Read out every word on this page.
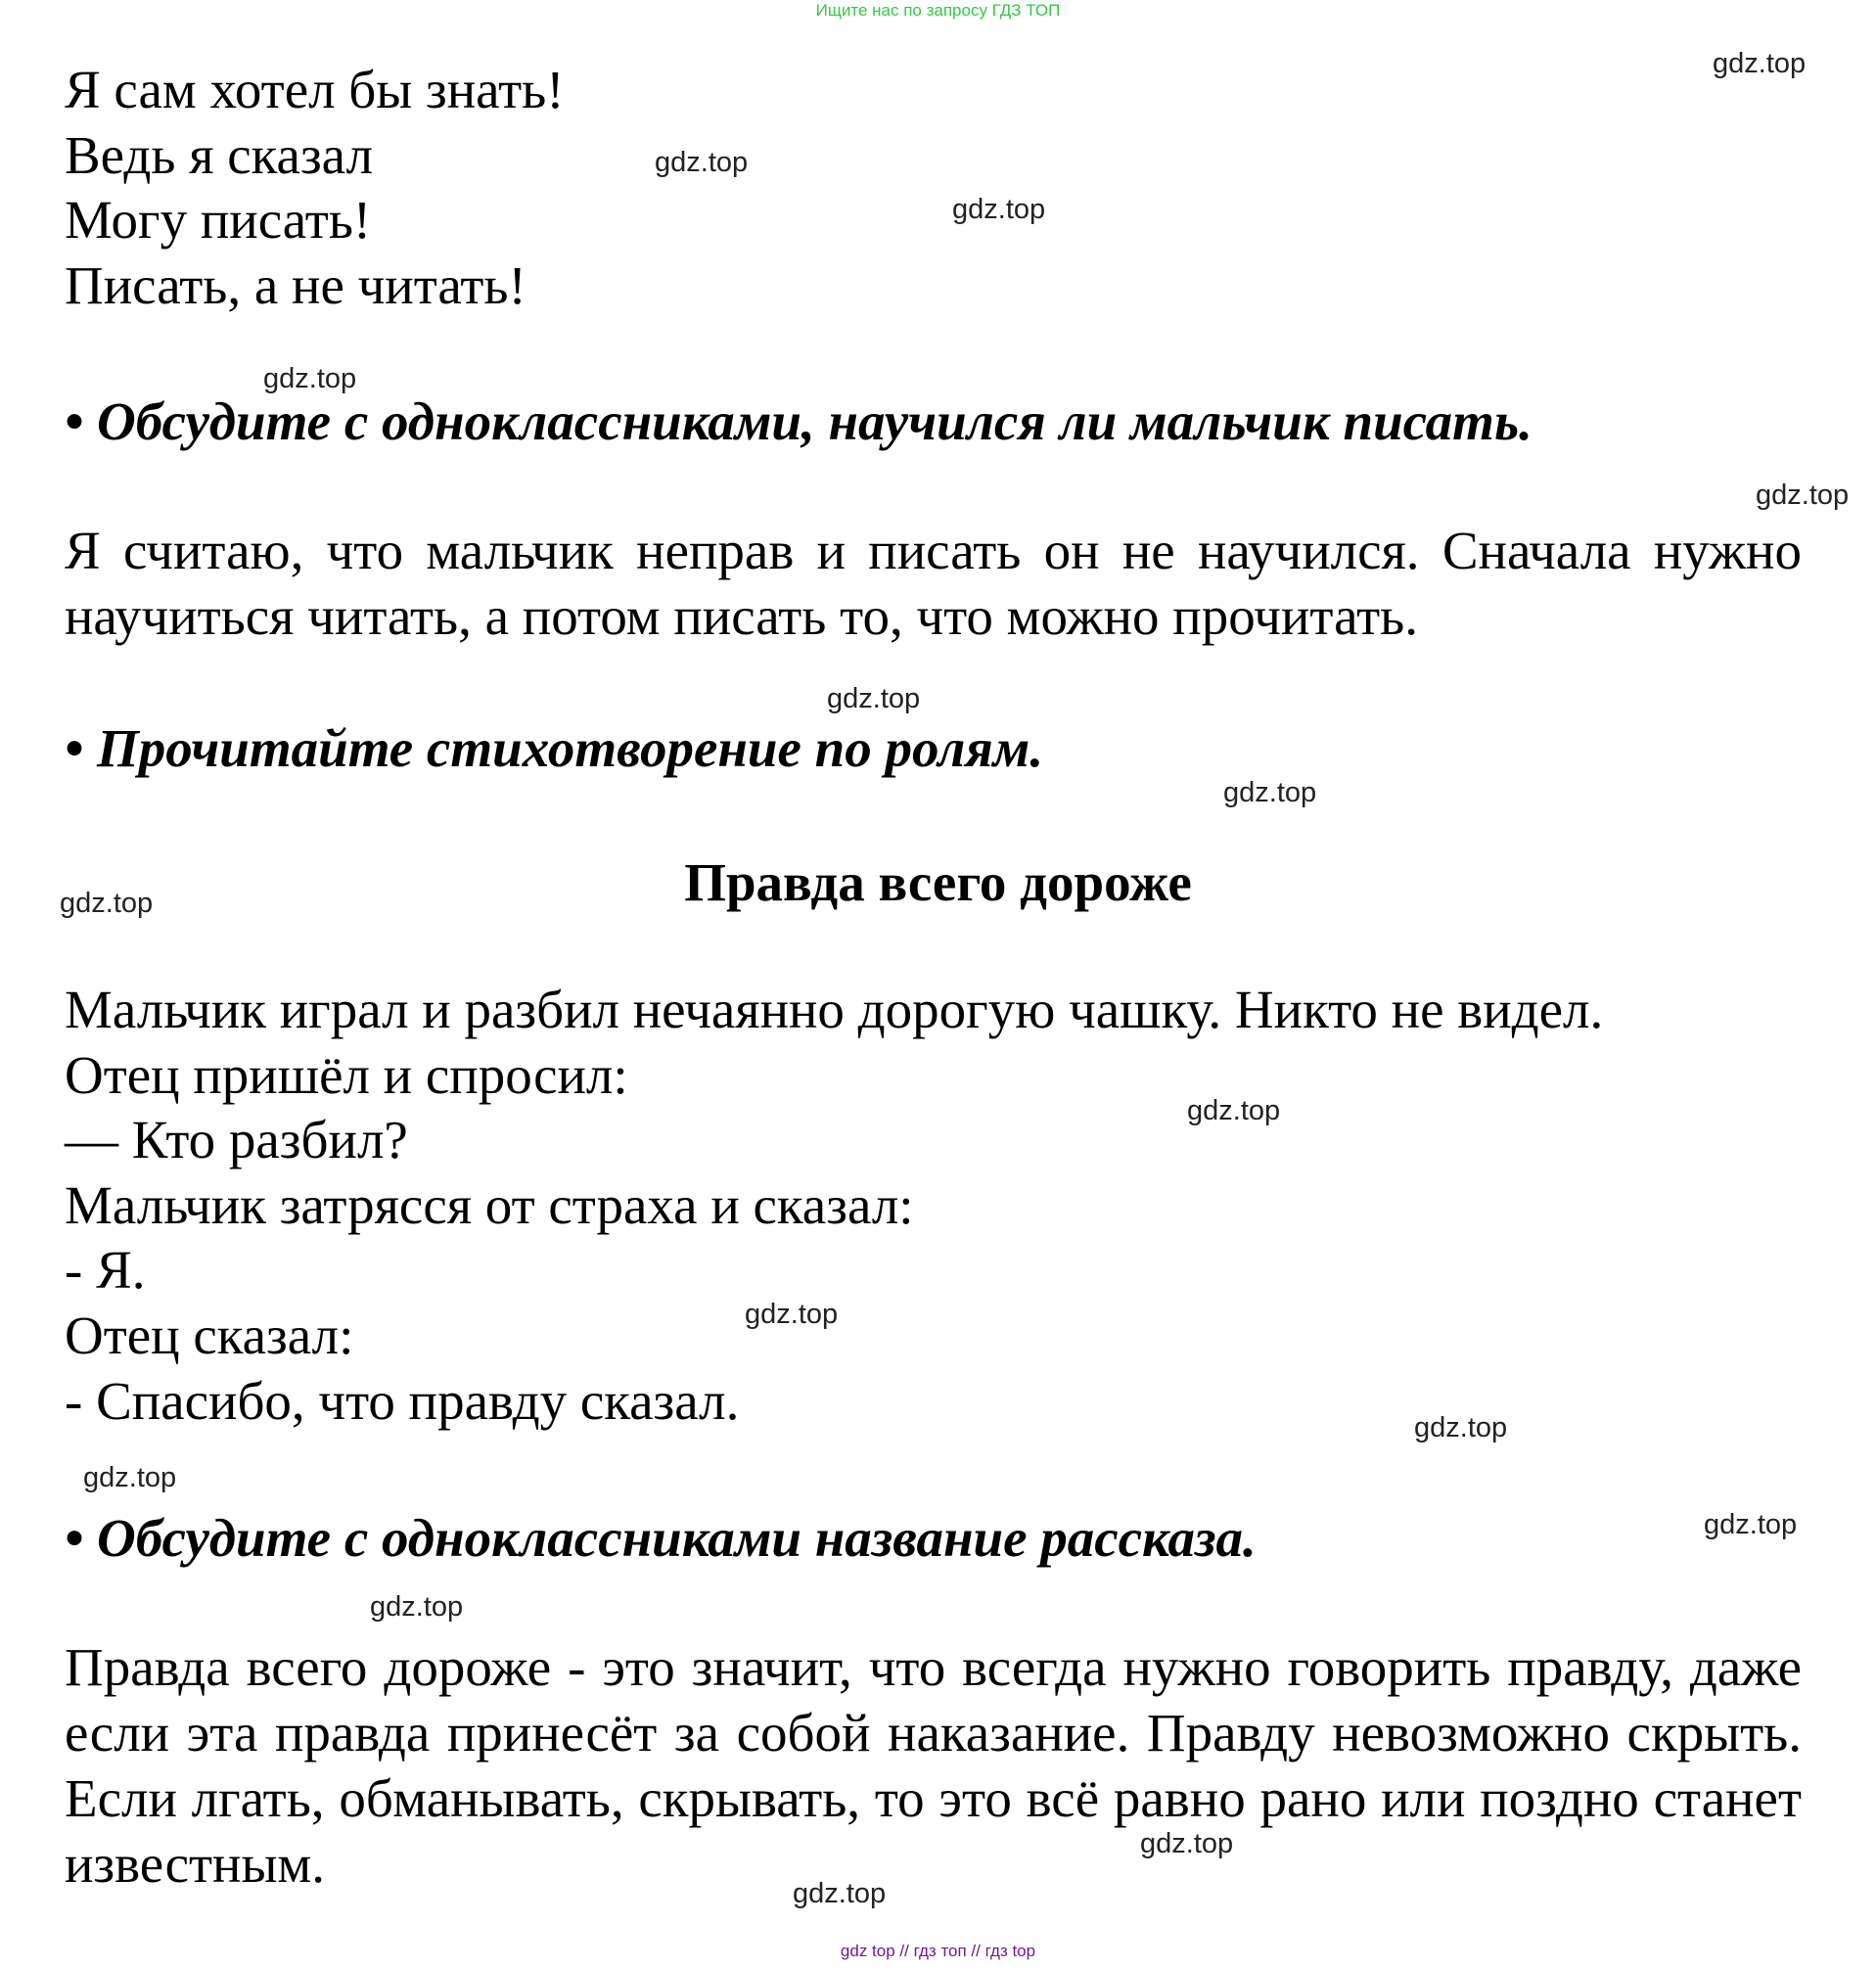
Ищите нас по запросу ГДЗ ТОП

Я сам хотел бы знать!

Ведь я сказал

Могу писать!

Писать, а не читать!

• Обсудите с одноклассниками, научился ли мальчик писать.

Я считаю, что мальчик неправ и писать он не научился. Сначала нужно научиться читать, а потом писать то, что можно прочитать.

• Прочитайте стихотворение по ролям.

Правда всего дороже

Мальчик играл и разбил нечаянно дорогую чашку. Никто не видел.

Отец пришёл и спросил:

— Кто разбил?

Мальчик затрясся от страха и сказал:

- Я.

Отец сказал:

- Спасибо, что правду сказал.

• Обсудите с одноклассниками название рассказа.

Правда всего дороже - это значит, что всегда нужно говорить правду, даже если эта правда принесёт за собой наказание. Правду невозможно скрыть. Если лгать, обманывать, скрывать, то это всё равно рано или поздно станет известным.

gdz.top
gdz.top
gdz.top
gdz.top
gdz.top
gdz.top
gdz.top
gdz.top
gdz.top
gdz.top
gdz.top
gdz.top
gdz.top
gdz.top
gdz.top
gdz.top
gdz top // гдз топ // гдз top
